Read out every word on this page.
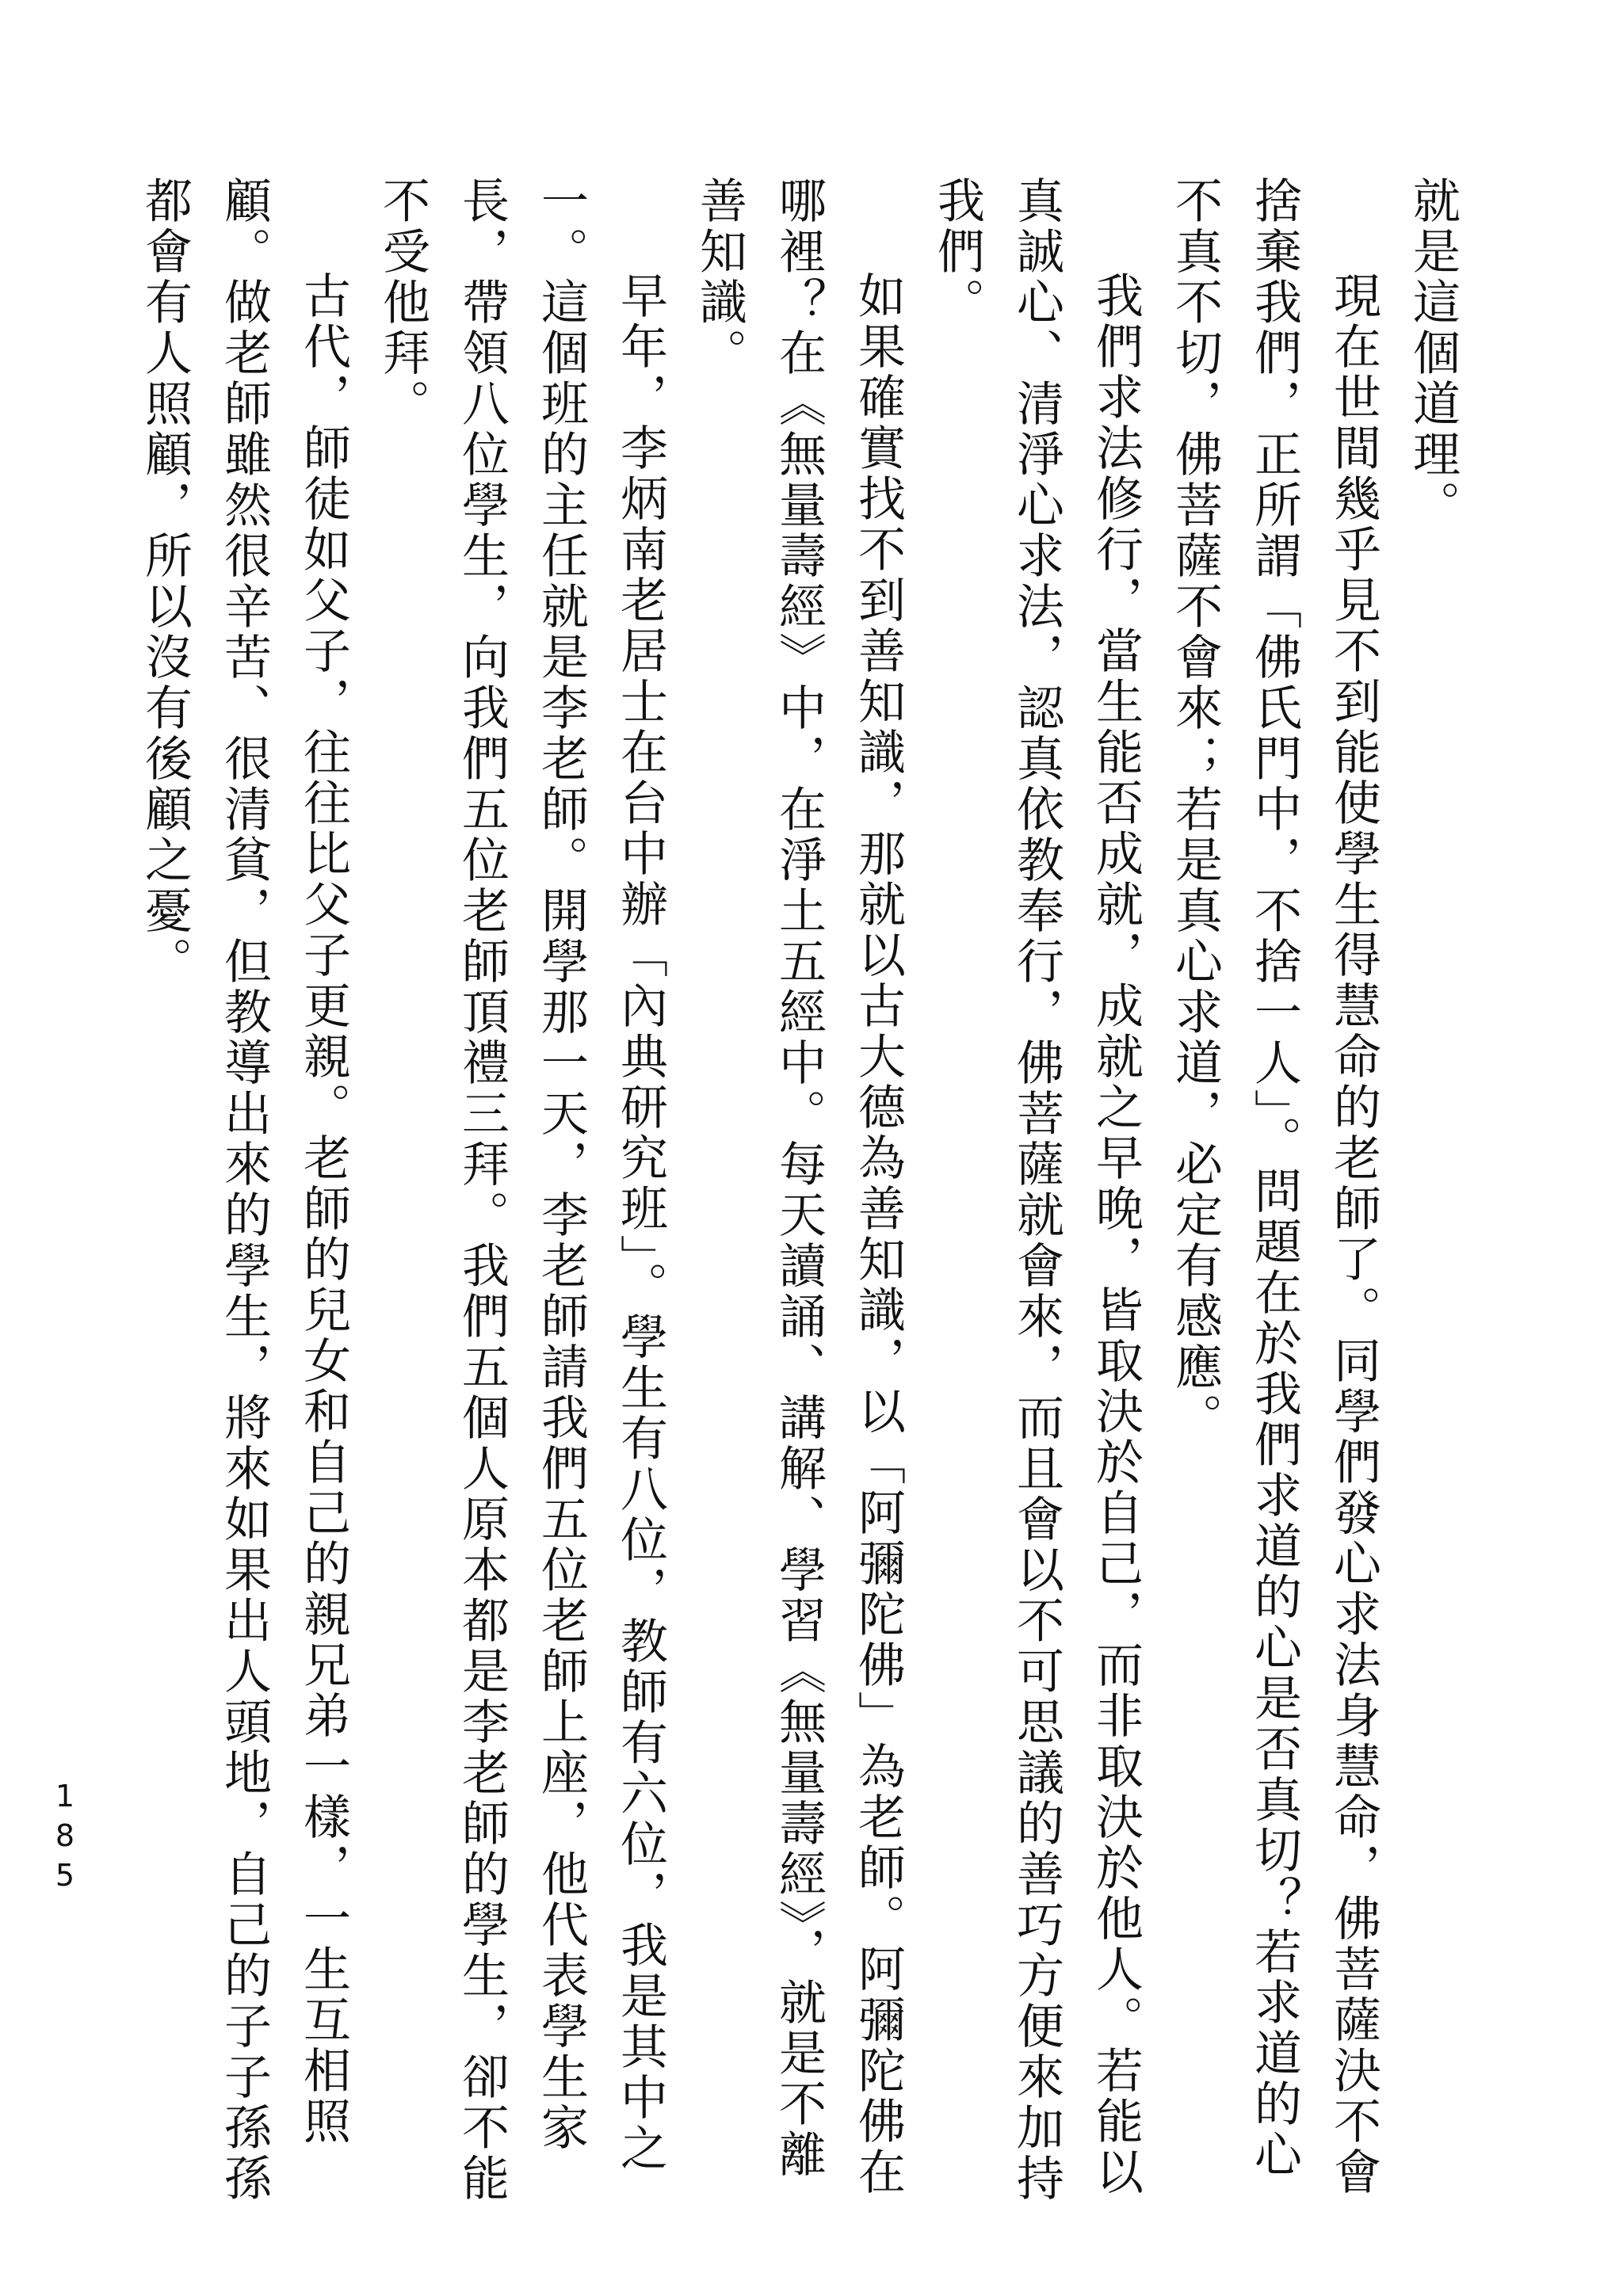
就是這個道理。

現在世間幾乎見不到能使學生得慧命的老師了。同學們發心求法身慧命，佛菩薩決不會捨棄我們，正所謂「佛氏門中，不捨一人」。問題在於我們求道的心是否真切？若求道的心不真不切，佛菩薩不會來；若是真心求道，必定有感應。

我們求法修行，當生能否成就，成就之早晚，皆取決於自己，而非取決於他人。若能以真誠心、清淨心求法，認真依教奉行，佛菩薩就會來，而且會以不可思議的善巧方便來加持我們。

如果確實找不到善知識，那就以古大德為善知識，以「阿彌陀佛」為老師。阿彌陀佛在哪裡？在《無量壽經》中，在淨土五經中。每天讀誦、講解、學習《無量壽經》，就是不離善知識。

早年，李炳南老居士在台中辦「內典研究班」。學生有八位，教師有六位，我是其中之一。這個班的主任就是李老師。開學那一天，李老師請我們五位老師上座，他代表學生家長，帶領八位學生，向我們五位老師頂禮三拜。我們五個人原本都是李老師的學生，卻不能不受他拜。

古代，師徒如父子，往往比父子更親。老師的兒女和自己的親兄弟一樣，一生互相照顧。做老師雖然很辛苦、很清貧，但教導出來的學生，將來如果出人頭地，自己的子子孫孫都會有人照顧，所以沒有後顧之憂。

185
